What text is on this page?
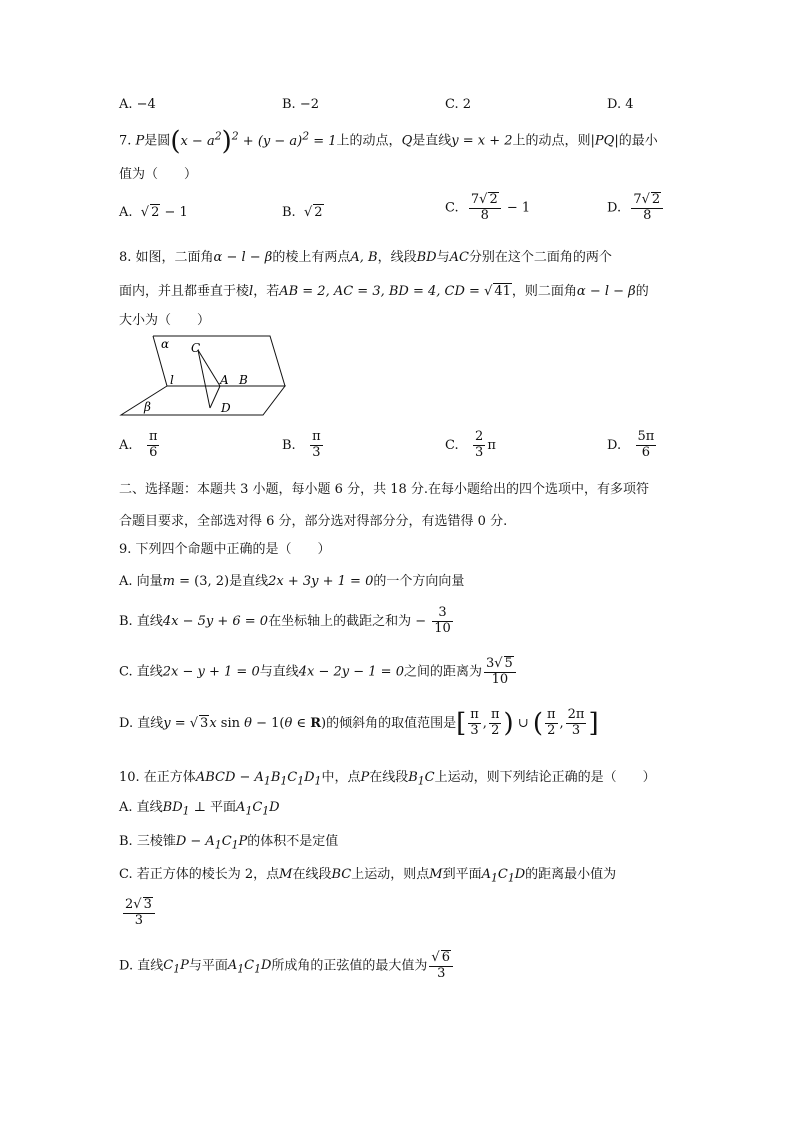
A. −4	B. −2	C. 2	D. 4
7. P是圆$(x - a^2)^2 + (y - a)^2 = 1$上的动点，Q是直线y = x + 2上的动点，则|PQ|的最小
值为（　　）
A. √ 2 − 1	B. √ 2	C. $\frac{7√ 2}{8} - 1$	D. $\frac{7√ 2}{8}$
8. 如图，二面角α − l − β的棱上有两点A, B，线段BD与AC分别在这个二面角的两个
面内，并且都垂直于棱l，若AB = 2, AC = 3, BD = 4, CD = √ 41，则二面角α − l − β的
大小为（　　）
α C
l	A B
β	D
A. $\frac{\pi}{6}$	B. $\frac{\pi}{3}$	C. $\frac{2}{3}$ π	D. $\frac{5\pi}{6}$
二、选择题：本题共 3 小题，每小题 6 分，共 18 分.在每小题给出的四个选项中，有多项符
合题目要求，全部选对得 6 分，部分选对得部分分，有选错得 0 分.
9. 下列四个命题中正确的是（　　）
A. 向量m = (3, 2)是直线2x + 3y + 1 = 0的一个方向向量
B. 直线4x − 5y + 6 = 0在坐标轴上的截距之和为 − $\frac{3}{10}$
C. 直线2x − y + 1 = 0与直线4x − 2y − 1 = 0之间的距离为 $\frac{3√ 5}{10}$
D. 直线y = √ 3x sin θ − 1(θ ∈ R)的倾斜角的取值范围是[ $\frac{\pi}{3}$ , $\frac{\pi}{2}$ ) ∪ ( $\frac{\pi}{2}$ , $\frac{2\pi}{3}$ ]
10. 在正方体ABCD − $A_1B_1C_1D_1$中，点P在线段$B_1C$上运动，则下列结论正确的是（　　）
A. 直线$BD_1$ ⊥ 平面$A_1C_1D$
B. 三棱锥$D - A_1C_1P$的体积不是定值
C. 若正方体的棱长为 2，点M在线段BC上运动，则点M到平面$A_1C_1D$的距离最小值为
$\frac{2√ 3}{3}$
D. 直线$C_1P$与平面$A_1C_1D$所成角的正弦值的最大值为 $\frac{√ 6}{3}$
